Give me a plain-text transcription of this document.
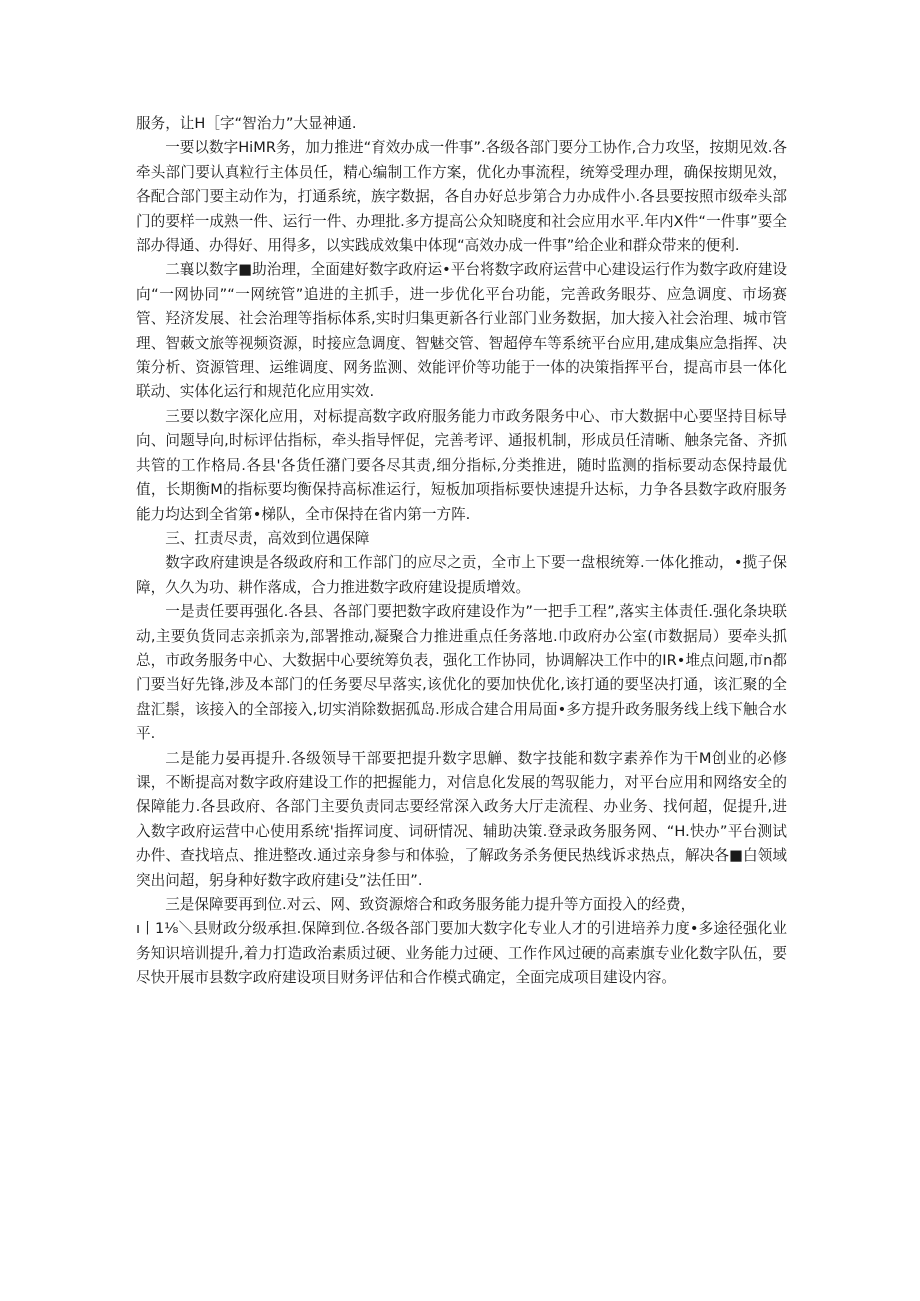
服务，让H［字“智治力”大显神通.

一要以数字HiMR务，加力推进“育效办成一件事”.各级各部门要分工协作,合力攻坚，按期见效.各牵头部门要认真粒行主体员任，精心编制工作方案，优化办事流程，统筹受理办理，确保按期见效，各配合部门要主动作为，打通系统，族字数据，各自办好总步第合力办成件小.各县要按照市级牵头部门的要样一成熟一件、运行一件、办理批.多方提高公众知晓度和社会应用水平.年内X件“一件事”要全部办得通、办得好、用得多，以实践成效集中体现“高效办成一件事”给企业和群众带来的便利.

二襄以数字■助治理，全面建好数字政府运•平台将数字政府运营中心建设运行作为数字政府建设向“一网协同”“一网统管”追进的主抓手，进一步优化平台功能，完善政务眼芬、应急调度、市场赛管、羟济发展、社会治理等指标体系,实时归集更新各行业部门业务数据，加大接入社会治理、城市管理、智蓛文旅等视频资源，时接应急调度、智魅交管、智超停车等系统平台应用,建成集应急指挥、决策分析、资源管理、运维调度、网务监测、效能评价等功能于一体的决策指挥平台，提高市县一体化联动、实体化运行和规范化应用实效.

三要以数字深化应用，对标提高数字政府服务能力市政务限务中心、市大数据中心要坚持目标导向、问题导向,时标评估指标，牵头指导怦促，完善考评、通报机制，形成员任清晰、触条完备、齐抓共管的工作格局.各县'各货任潴门要各尽其责,细分指标,分类推进，随时监测的指标要动态保持最优值，长期衡M的指标要均衡保持高标准运行，短板加项指标要快速提升达标，力争各县数字政府服务能力均达到全省第•梯队，全市保持在省内第一方阵.

三、扛责尽责，高效到位遇保障

数字政府建谀是各级政府和工作部门的应尽之贡，全市上下要一盘根统筹.一体化推动，•揽子保障，久久为功、耕作落成，合力推进数字政府建设提质增效。

一是责任要再强化.各县、各部门要把数字政府建设作为”一把手工程”,落实主体责任.强化条块联动,主要负货同志亲抓亲为,部署推动,凝聚合力推进重点任务落地.巾政府办公室(市数据局）要牵头抓总，市政务服务中心、大数据中心要统筹负表，强化工作协同，协调解决工作中的IR•堆点问题,市n都门要当好先锋,涉及本部门的任务要尽早落实,该优化的要加快优化,该打通的要坚决打通，该汇聚的全盘汇鬃，该接入的全部接入,切实消除数据孤岛.形成合建合用局面•多方提升政务服务线上线下触合水平.

二是能力晏再提升.各级领导干部要把提升数字思觯、数字技能和数字素养作为干M创业的必修课，不断提高对数字政府建设工作的把握能力，对信息化发展的驾驭能力，对平台应用和网络安全的保障能力.各县政府、各部门主要负责同志要经常深入政务大厅走流程、办业务、找何超，促提升,进入数字政府运营中心使用系统'指挥词度、词研情况、辅助决策.登录政务服务网、“H.快办”平台测试办件、查找培点、推进整改.通过亲身参与和体验，了解政务杀务便民热线诉求热点，解决各■白领域突出问超，躬身种好数字政府建i殳”法任田”.

三是保障要再到位.对云、网、致资源熔合和政务服务能力提升等方面投入的经费，

ı丨1⅛＼县财政分级承担.保障到位.各级各部门要加大数字化专业人才的引进培养力度•多途径强化业务知识培训提升,着力打造政治素质过硬、业务能力过硬、工作作风过硬的高素旗专业化数字队伍，要尽快开展市县数字政府建设项目财务评估和合作模式确定，全面完成项目建设内容。
